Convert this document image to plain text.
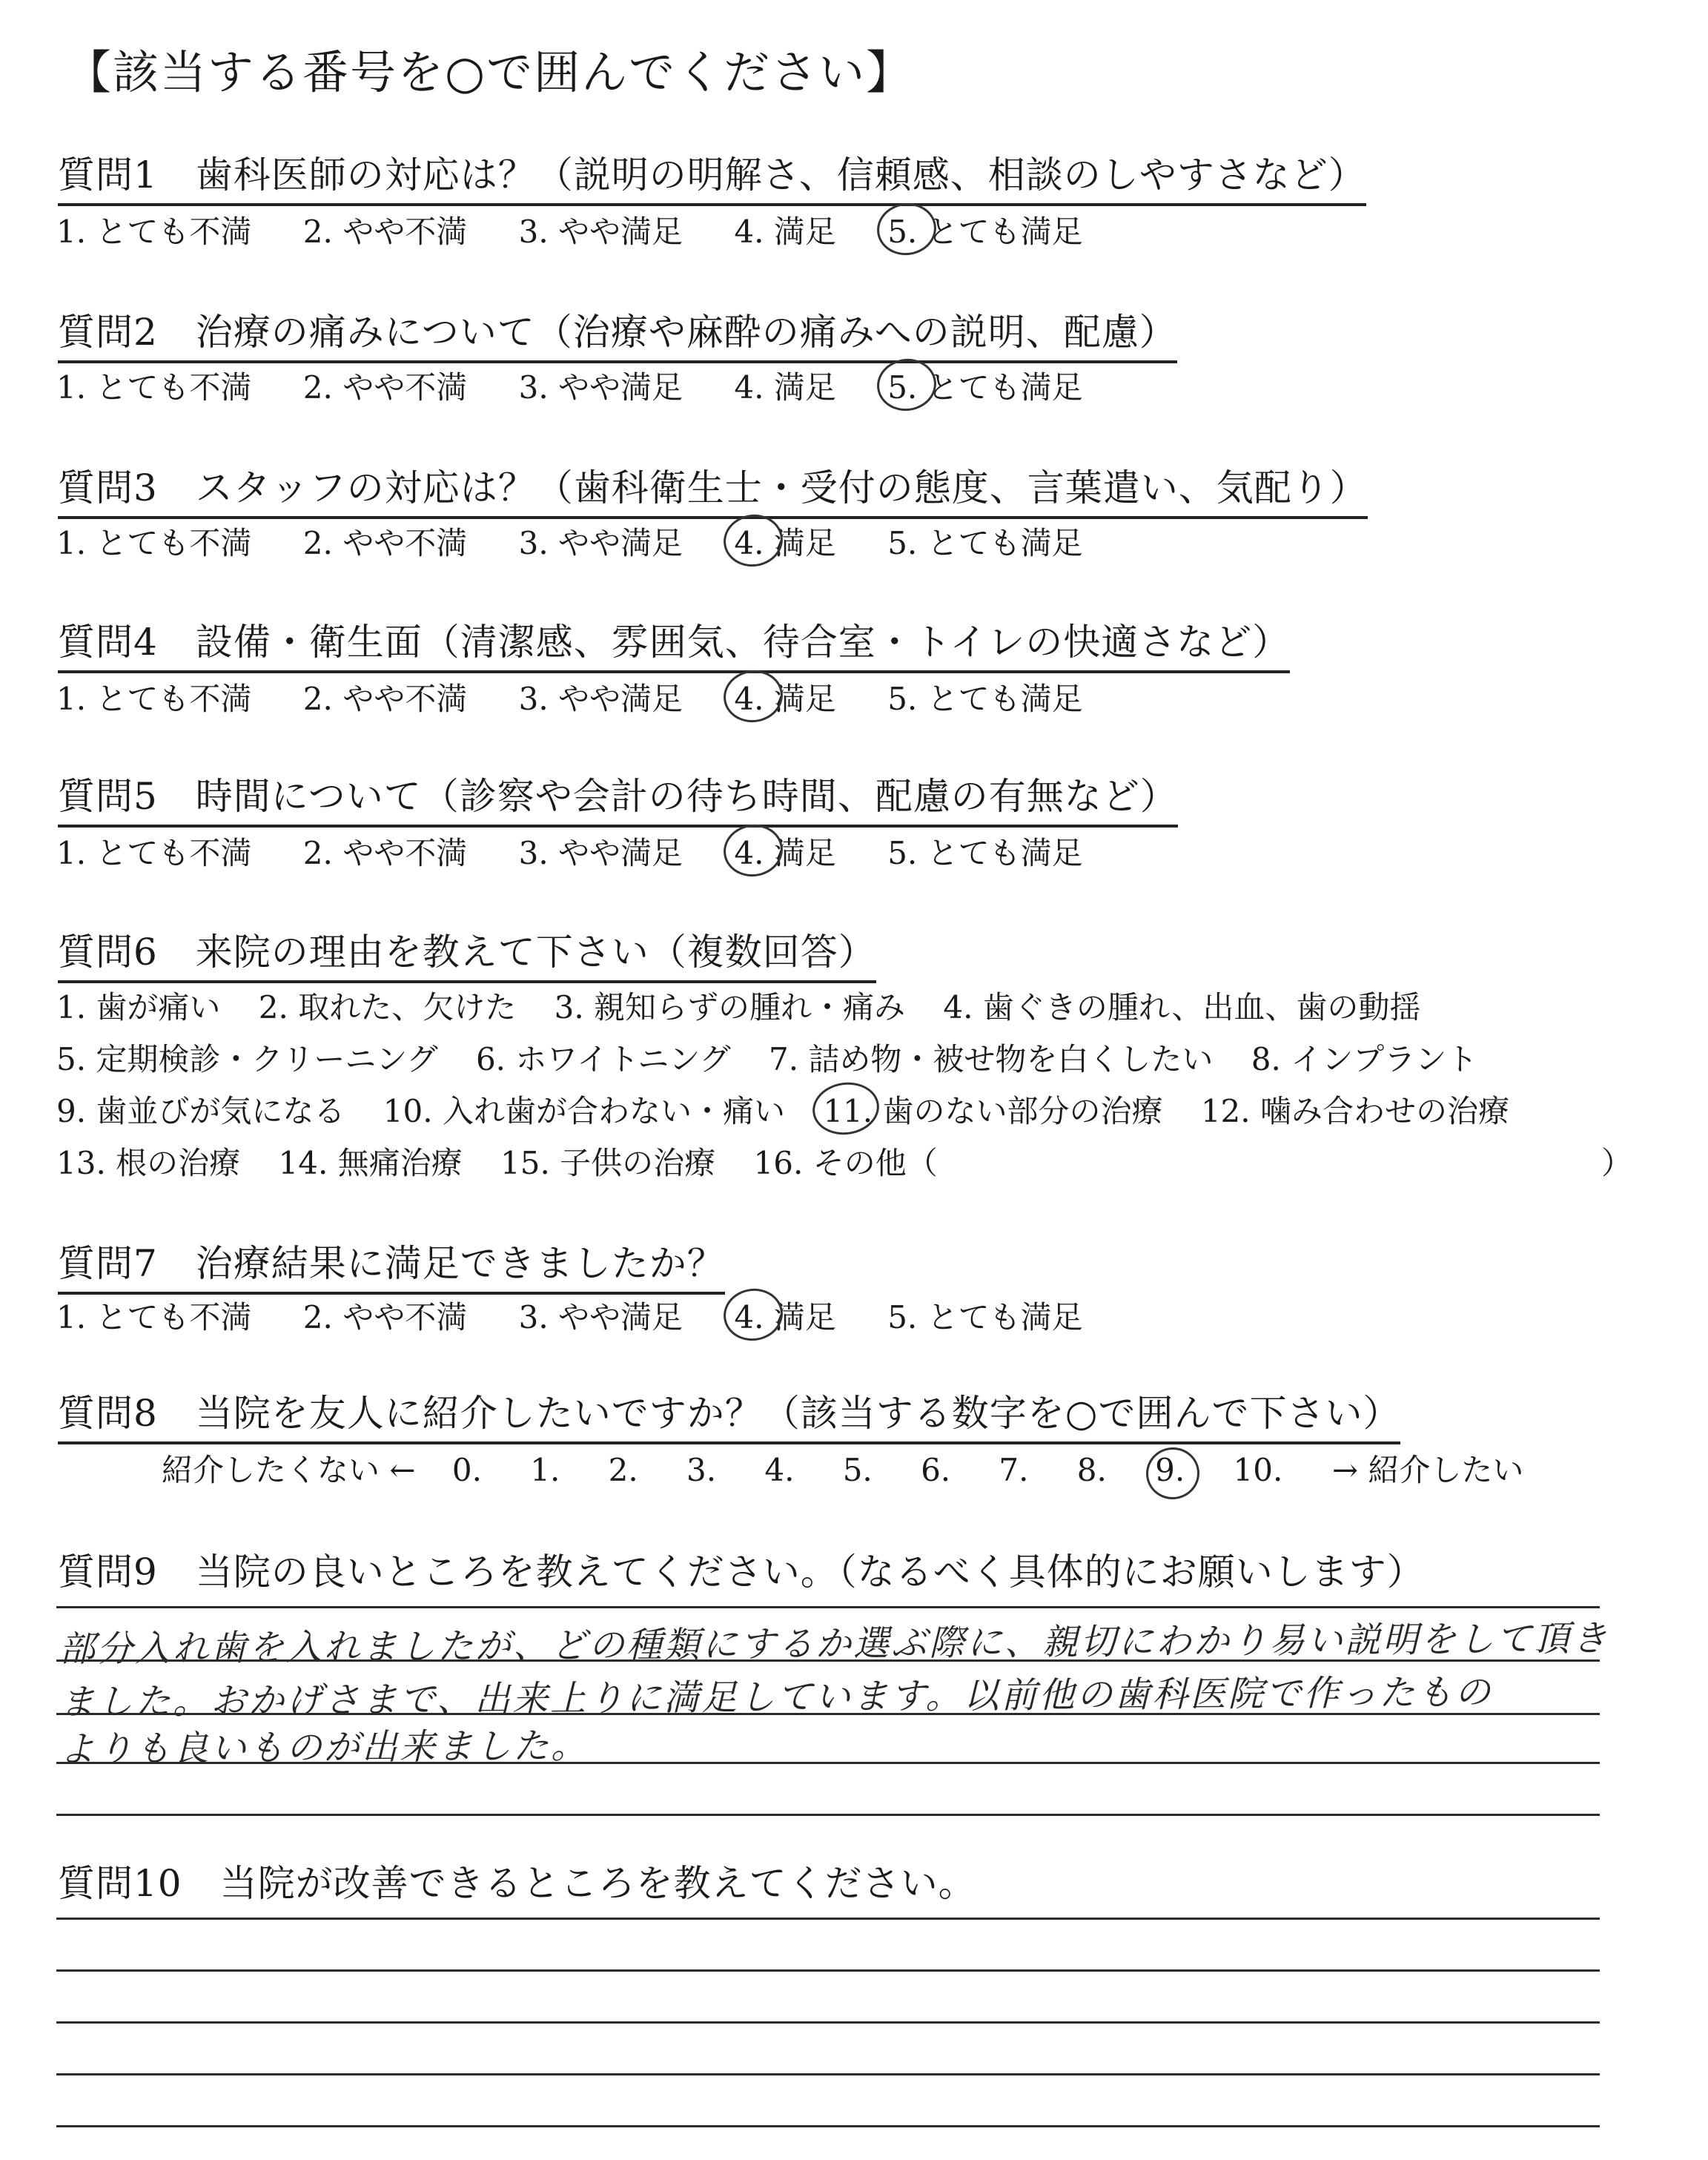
【該当する番号を○で囲んでください】
質問1　歯科医師の対応は？（説明の明解さ、信頼感、相談のしやすさなど）
1. とても不満 2. やや不満 3. やや満足 4. 満足 5. とても満足
質問2　治療の痛みについて（治療や麻酔の痛みへの説明、配慮）
1. とても不満 2. やや不満 3. やや満足 4. 満足 5. とても満足
質問3　スタッフの対応は？（歯科衛生士・受付の態度、言葉遣い、気配り）
1. とても不満 2. やや不満 3. やや満足 4. 満足 5. とても満足
質問4　設備・衛生面（清潔感、雰囲気、待合室・トイレの快適さなど）
1. とても不満 2. やや不満 3. やや満足 4. 満足 5. とても満足
質問5　時間について（診察や会計の待ち時間、配慮の有無など）
1. とても不満 2. やや不満 3. やや満足 4. 満足 5. とても満足
質問6　来院の理由を教えて下さい（複数回答）
1. 歯が痛い 2. 取れた、欠けた 3. 親知らずの腫れ・痛み 4. 歯ぐきの腫れ、出血、歯の動揺
5. 定期検診・クリーニング 6. ホワイトニング 7. 詰め物・被せ物を白くしたい 8. インプラント
9. 歯並びが気になる 10. 入れ歯が合わない・痛い 11. 歯のない部分の治療 12. 噛み合わせの治療
13. 根の治療 14. 無痛治療 15. 子供の治療 16. その他（	）
質問7　治療結果に満足できましたか？
1. とても不満 2. やや不満 3. やや満足 4. 満足 5. とても満足
質問8　当院を友人に紹介したいですか？（該当する数字を○で囲んで下さい）
紹介したくない ← 0. 1. 2. 3. 4. 5. 6. 7. 8. 9. 10. → 紹介したい
質問9　当院の良いところを教えてください。（なるべく具体的にお願いします）
部分入れ歯を入れましたが、どの種類にするか選ぶ際に、親切にわかり易い説明をして頂き
ました。おかげさまで、出来上りに満足しています。以前他の歯科医院で作ったもの
よりも良いものが出来ました。
質問10　当院が改善できるところを教えてください。
